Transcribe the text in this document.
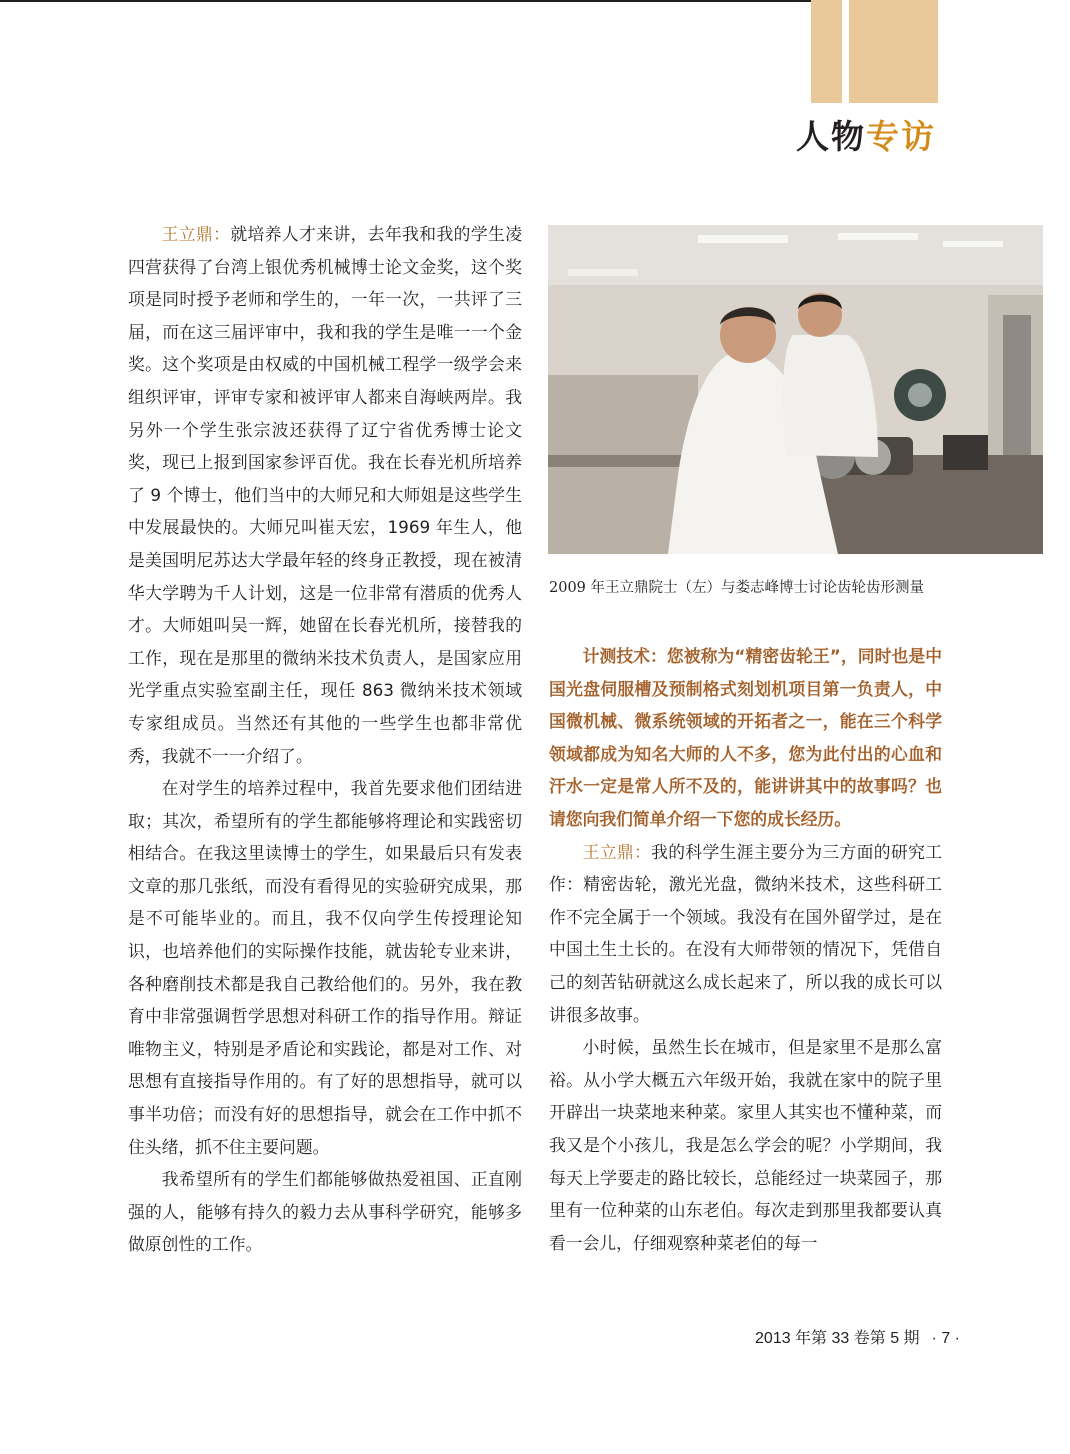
人物专访

王立鼎：就培养人才来讲，去年我和我的学生凌四营获得了台湾上银优秀机械博士论文金奖，这个奖项是同时授予老师和学生的，一年一次，一共评了三届，而在这三届评审中，我和我的学生是唯一一个金奖。这个奖项是由权威的中国机械工程学一级学会来组织评审，评审专家和被评审人都来自海峡两岸。我另外一个学生张宗波还获得了辽宁省优秀博士论文奖，现已上报到国家参评百优。我在长春光机所培养了 9 个博士，他们当中的大师兄和大师姐是这些学生中发展最快的。大师兄叫崔天宏，1969 年生人，他是美国明尼苏达大学最年轻的终身正教授，现在被清华大学聘为千人计划，这是一位非常有潜质的优秀人才。大师姐叫吴一辉，她留在长春光机所，接替我的工作，现在是那里的微纳米技术负责人，是国家应用光学重点实验室副主任，现任 863 微纳米技术领域专家组成员。当然还有其他的一些学生也都非常优秀，我就不一一介绍了。

在对学生的培养过程中，我首先要求他们团结进取；其次，希望所有的学生都能够将理论和实践密切相结合。在我这里读博士的学生，如果最后只有发表文章的那几张纸，而没有看得见的实验研究成果，那是不可能毕业的。而且，我不仅向学生传授理论知识，也培养他们的实际操作技能，就齿轮专业来讲，各种磨削技术都是我自己教给他们的。另外，我在教育中非常强调哲学思想对科研工作的指导作用。辩证唯物主义，特别是矛盾论和实践论，都是对工作、对思想有直接指导作用的。有了好的思想指导，就可以事半功倍；而没有好的思想指导，就会在工作中抓不住头绪，抓不住主要问题。

我希望所有的学生们都能够做热爱祖国、正直刚强的人，能够有持久的毅力去从事科学研究，能够多做原创性的工作。

2009 年王立鼎院士（左）与娄志峰博士讨论齿轮齿形测量

计测技术：您被称为“精密齿轮王”，同时也是中国光盘伺服槽及预制格式刻划机项目第一负责人，中国微机械、微系统领域的开拓者之一，能在三个科学领域都成为知名大师的人不多，您为此付出的心血和汗水一定是常人所不及的，能讲讲其中的故事吗？也请您向我们简单介绍一下您的成长经历。

王立鼎：我的科学生涯主要分为三方面的研究工作：精密齿轮，激光光盘，微纳米技术，这些科研工作不完全属于一个领域。我没有在国外留学过，是在中国土生土长的。在没有大师带领的情况下，凭借自己的刻苦钻研就这么成长起来了，所以我的成长可以讲很多故事。

小时候，虽然生长在城市，但是家里不是那么富裕。从小学大概五六年级开始，我就在家中的院子里开辟出一块菜地来种菜。家里人其实也不懂种菜，而我又是个小孩儿，我是怎么学会的呢？小学期间，我每天上学要走的路比较长，总能经过一块菜园子，那里有一位种菜的山东老伯。每次走到那里我都要认真看一会儿，仔细观察种菜老伯的每一

2013 年第 33 卷第 5 期 · 7 ·
